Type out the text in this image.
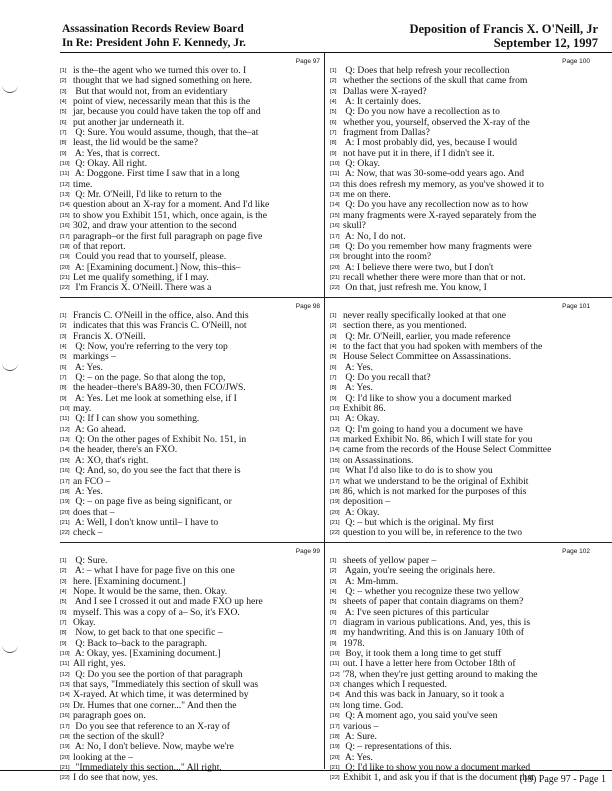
Assassination Records Review Board
In Re: President John F. Kennedy, Jr.
Deposition of Francis X. O'Neill, Jr
September 12, 1997
Page 97
[1] is the–the agent who we turned this over to. I
[2] thought that we had signed something on here.
[3] But that would not, from an evidentiary
[4] point of view, necessarily mean that this is the
[5] jar, because you could have taken the top off and
[6] put another jar underneath it.
[7] Q: Sure. You would assume, though, that the–at
[8] least, the lid would be the same?
[9] A: Yes, that is correct.
[10] Q: Okay. All right.
[11] A: Doggone. First time I saw that in a long
[12] time.
[13] Q: Mr. O'Neill, I'd like to return to the
[14] question about an X-ray for a moment. And I'd like
[15] to show you Exhibit 151, which, once again, is the
[16] 302, and draw your attention to the second
[17] paragraph–or the first full paragraph on page five
[18] of that report.
[19] Could you read that to yourself, please.
[20] A: [Examining document.] Now, this–this–
[21] Let me qualify something, if I may.
[22] I'm Francis X. O'Neill. There was a
Page 98
[1] Francis C. O'Neill in the office, also. And this
[2] indicates that this was Francis C. O'Neill, not
[3] Francis X. O'Neill.
[4] Q: Now, you're referring to the very top
[5] markings –
[6] A: Yes.
[7] Q: – on the page. So that along the top,
[8] the header–there's BA89-30, then FCO/JWS.
[9] A: Yes. Let me look at something else, if I
[10] may.
[11] Q: If I can show you something.
[12] A: Go ahead.
[13] Q: On the other pages of Exhibit No. 151, in
[14] the header, there's an FXO.
[15] A: XO, that's right.
[16] Q: And, so, do you see the fact that there is
[17] an FCO –
[18] A: Yes.
[19] Q: – on page five as being significant, or
[20] does that –
[21] A: Well, I don't know until– I have to
[22] check –
Page 99
[1] Q: Sure.
[2] A: – what I have for page five on this one
[3] here. [Examining document.]
[4] Nope. It would be the same, then. Okay.
[5] And I see I crossed it out and made FXO up here
[6] myself. This was a copy of a– So, it's FXO.
[7] Okay.
[8] Now, to get back to that one specific –
[9] Q: Back to–back to the paragraph.
[10] A: Okay, yes. [Examining document.]
[11] All right, yes.
[12] Q: Do you see the portion of that paragraph
[13] that says, "Immediately this section of skull was
[14] X-rayed. At which time, it was determined by
[15] Dr. Humes that one corner..." And then the
[16] paragraph goes on.
[17] Do you see that reference to an X-ray of
[18] the section of the skull?
[19] A: No, I don't believe. Now, maybe we're
[20] looking at the –
[21] "Immediately this section..." All right.
[22] I do see that now, yes.
Page 100
[1] Q: Does that help refresh your recollection
[2] whether the sections of the skull that came from
[3] Dallas were X-rayed?
[4] A: It certainly does.
[5] Q: Do you now have a recollection as to
[6] whether you, yourself, observed the X-ray of the
[7] fragment from Dallas?
[8] A: I most probably did, yes, because I would
[9] not have put it in there, if I didn't see it.
[10] Q: Okay.
[11] A: Now, that was 30-some-odd years ago. And
[12] this does refresh my memory, as you've showed it to
[13] me on there.
[14] Q: Do you have any recollection now as to how
[15] many fragments were X-rayed separately from the
[16] skull?
[17] A: No, I do not.
[18] Q: Do you remember how many fragments were
[19] brought into the room?
[20] A: I believe there were two, but I don't
[21] recall whether there were more than that or not.
[22] On that, just refresh me. You know, I
Page 101
[1] never really specifically looked at that one
[2] section there, as you mentioned.
[3] Q: Mr. O'Neill, earlier, you made reference
[4] to the fact that you had spoken with members of the
[5] House Select Committee on Assassinations.
[6] A: Yes.
[7] Q: Do you recall that?
[8] A: Yes.
[9] Q: I'd like to show you a document marked
[10] Exhibit 86.
[11] A: Okay.
[12] Q: I'm going to hand you a document we have
[13] marked Exhibit No. 86, which I will state for you
[14] came from the records of the House Select Committee
[15] on Assassinations.
[16] What I'd also like to do is to show you
[17] what we understand to be the original of Exhibit
[18] 86, which is not marked for the purposes of this
[19] deposition –
[20] A: Okay.
[21] Q: – but which is the original. My first
[22] question to you will be, in reference to the two
Page 102
[1] sheets of yellow paper –
[2] Again, you're seeing the originals here.
[3] A: Mm-hmm.
[4] Q: – whether you recognize these two yellow
[5] sheets of paper that contain diagrams on them?
[6] A: I've seen pictures of this particular
[7] diagram in various publications. And, yes, this is
[8] my handwriting. And this is on January 10th of
[9] 1978.
[10] Boy, it took them a long time to get stuff
[11] out. I have a letter here from October 18th of
[12] '78, when they're just getting around to making the
[13] changes which I requested.
[14] And this was back in January, so it took a
[15] long time. God.
[16] Q: A moment ago, you said you've seen
[17] various –
[18] A: Sure.
[19] Q: – representations of this.
[20] A: Yes.
[21] Q: I'd like to show you now a document marked
[22] Exhibit 1, and ask you if that is the document that
(19) Page 97 - Page 1
